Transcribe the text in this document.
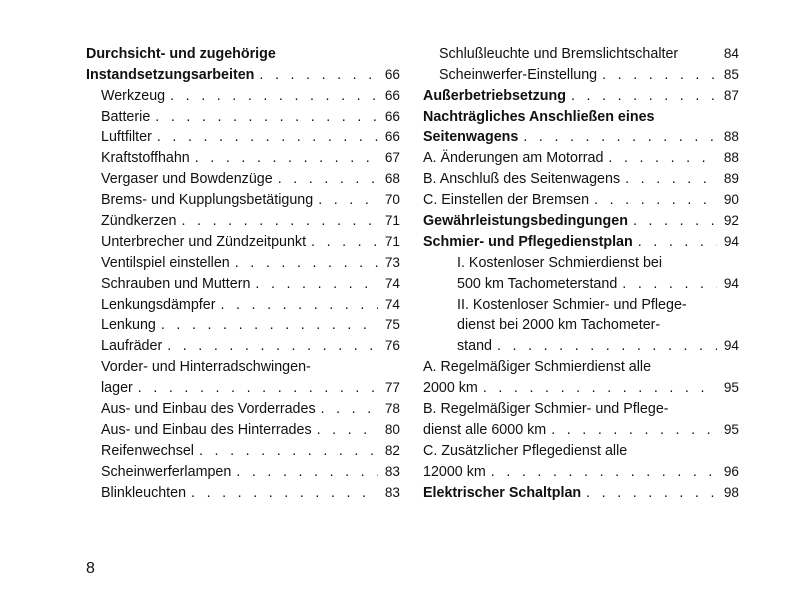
Durchsicht- und zugehörige
Instandsetzungsarbeiten . . .	66
Werkzeug . . .	66
Batterie . . .	66
Luftfilter . . .	66
Kraftstoffhahn . . .	67
Vergaser und Bowdenzüge . . .	68
Brems- und Kupplungsbetätigung . . .	70
Zündkerzen . . .	71
Unterbrecher und Zündzeitpunkt . . .	71
Ventilspiel einstellen . . .	73
Schrauben und Muttern . . .	74
Lenkungsdämpfer . . .	74
Lenkung . . .	75
Laufräder . . .	76
Vorder- und Hinterradschwingen-
lager . . .	77
Aus- und Einbau des Vorderrades . . .	78
Aus- und Einbau des Hinterrades . . .	80
Reifenwechsel . . .	82
Scheinwerferlampen . . .	83
Blinkleuchten . . .	83
Schlußleuchte und Bremslichtschalter	84
Scheinwerfer-Einstellung . . .	85
Außerbetriebsetzung . . .	87
Nachträgliches Anschließen eines
Seitenwagens . . .	88
A. Änderungen am Motorrad . . .	88
B. Anschluß des Seitenwagens . . .	89
C. Einstellen der Bremsen . . .	90
Gewährleistungsbedingungen . . .	92
Schmier- und Pflegedienstplan . . .	94
I. Kostenloser Schmierdienst bei
500 km Tachometerstand . . .	94
II. Kostenloser Schmier- und Pflege-
dienst bei 2000 km Tachometer-
stand . . .	94
A. Regelmäßiger Schmierdienst alle
2000 km . . .	95
B. Regelmäßiger Schmier- und Pflege-
dienst alle 6000 km . . .	95
C. Zusätzlicher Pflegedienst alle
12000 km . . .	96
Elektrischer Schaltplan . . .	98
8
